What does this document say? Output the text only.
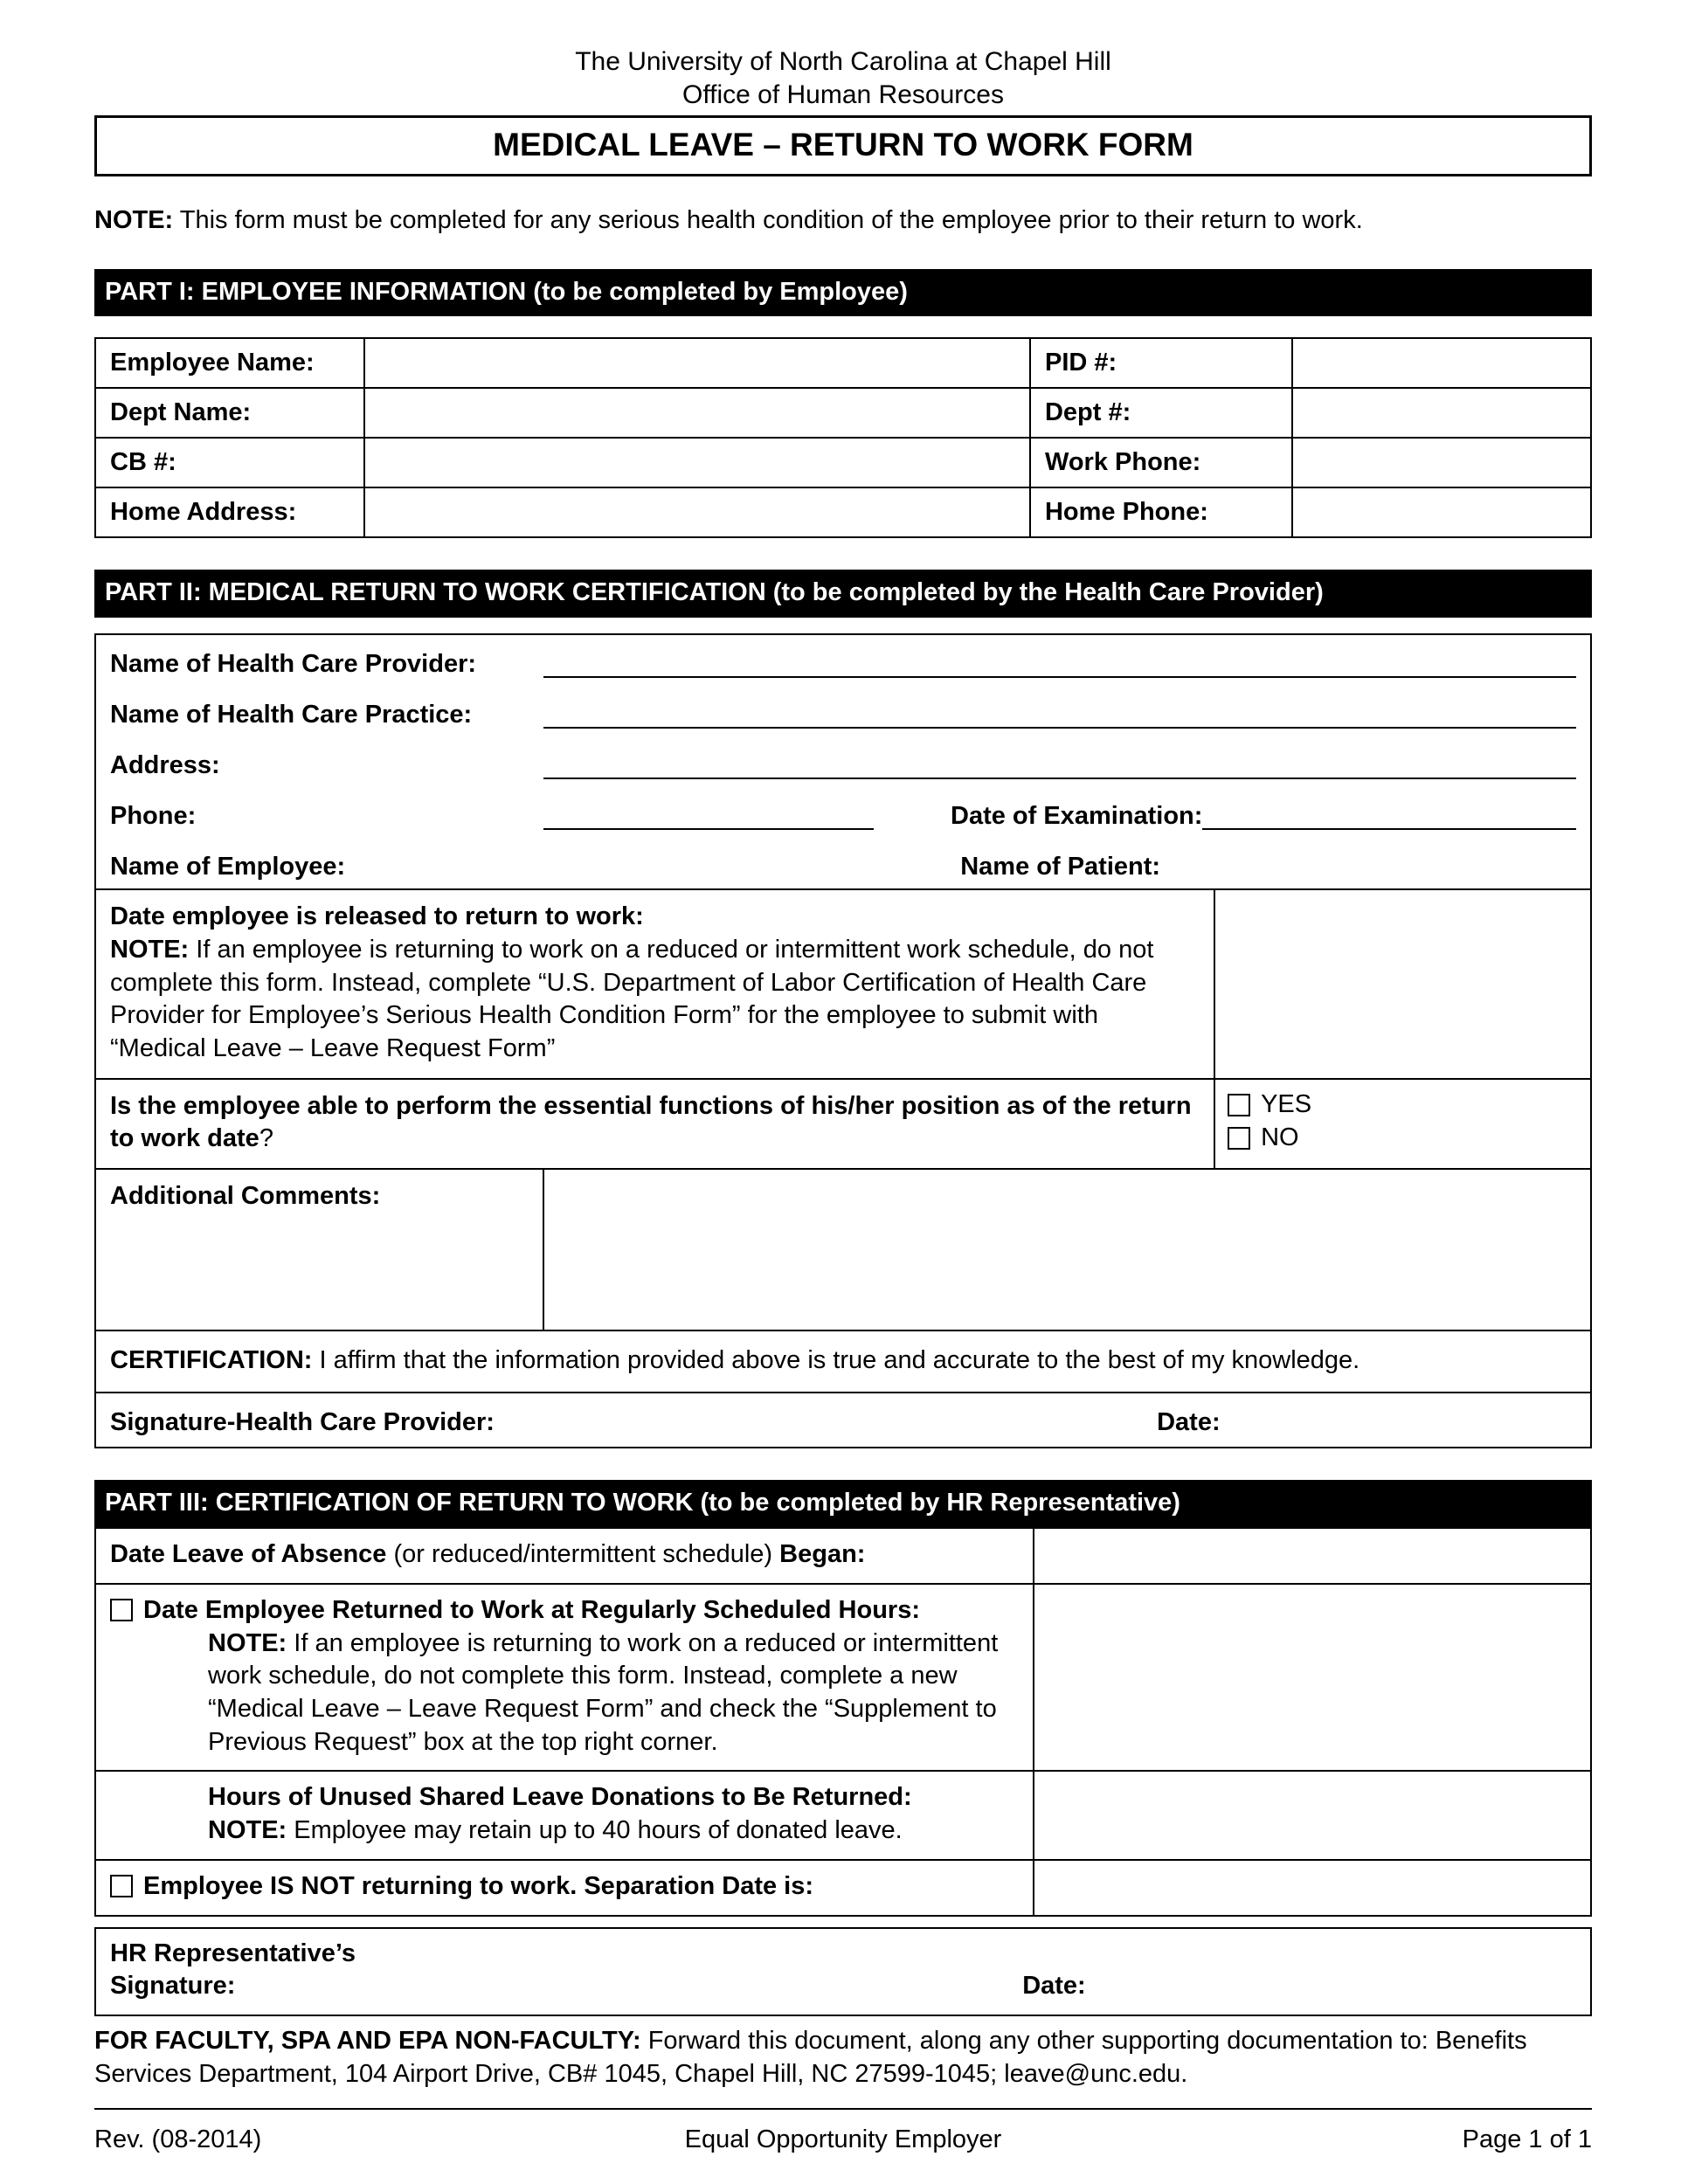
The University of North Carolina at Chapel Hill
Office of Human Resources
MEDICAL LEAVE – RETURN TO WORK FORM
NOTE: This form must be completed for any serious health condition of the employee prior to their return to work.
PART I: EMPLOYEE INFORMATION (to be completed by Employee)
Employee Name:		PID #:	
Dept Name:		Dept #:	
CB #:		Work Phone:	
Home Address:		Home Phone:	
PART II: MEDICAL RETURN TO WORK CERTIFICATION (to be completed by the Health Care Provider)
Name of Health Care Provider:
Name of Health Care Practice:
Address:
Phone:	Date of Examination:
Name of Employee:	Name of Patient:
Date employee is released to return to work:

NOTE: If an employee is returning to work on a reduced or intermittent work schedule, do not complete this form. Instead, complete “U.S. Department of Labor Certification of Health Care Provider for Employee’s Serious Health Condition Form” for the employee to submit with “Medical Leave – Leave Request Form”

Is the employee able to perform the essential functions of his/her position as of the return to work date?
YES
NO
Additional Comments:
CERTIFICATION: I affirm that the information provided above is true and accurate to the best of my knowledge.
Signature-Health Care Provider:	Date:
PART III: CERTIFICATION OF RETURN TO WORK (to be completed by HR Representative)
Date Leave of Absence (or reduced/intermittent schedule) Began:
Date Employee Returned to Work at Regularly Scheduled Hours:

NOTE: If an employee is returning to work on a reduced or intermittent work schedule, do not complete this form. Instead, complete a new “Medical Leave – Leave Request Form” and check the “Supplement to Previous Request” box at the top right corner.

Hours of Unused Shared Leave Donations to Be Returned:

NOTE: Employee may retain up to 40 hours of donated leave.

Employee IS NOT returning to work. Separation Date is:
HR Representative’s
Signature:	Date:
FOR FACULTY, SPA AND EPA NON-FACULTY: Forward this document, along any other supporting documentation to: Benefits Services Department, 104 Airport Drive, CB# 1045, Chapel Hill, NC 27599-1045; leave@unc.edu.
Rev. (08-2014)	Equal Opportunity Employer	Page 1 of 1
